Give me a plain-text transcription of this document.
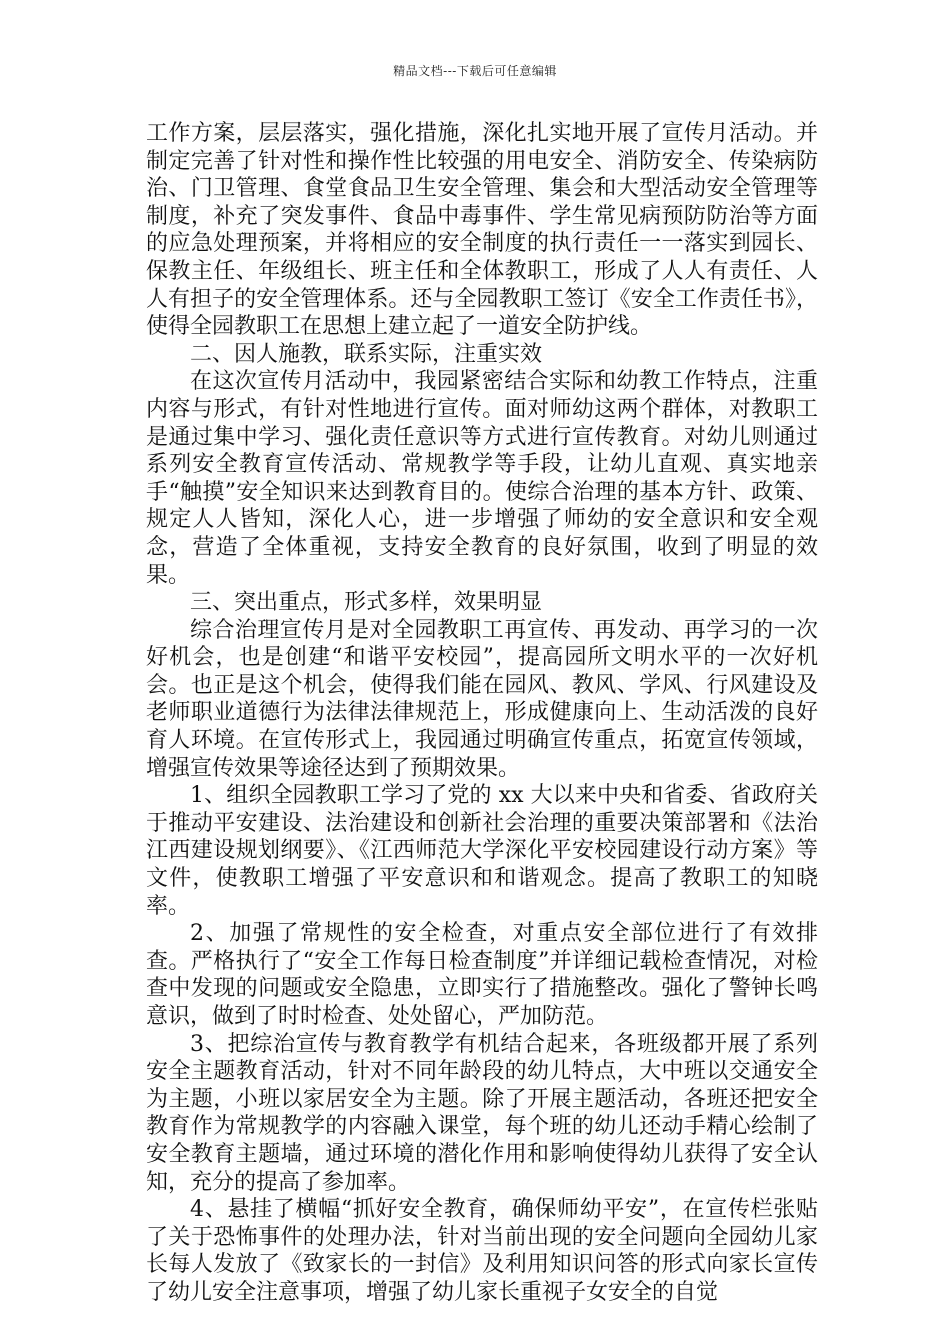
精品文档---下载后可任意编辑

工作方案，层层落实，强化措施，深化扎实地开展了宣传月活动。并制定完善了针对性和操作性比较强的用电安全、消防安全、传染病防治、门卫管理、食堂食品卫生安全管理、集会和大型活动安全管理等制度，补充了突发事件、食品中毒事件、学生常见病预防防治等方面的应急处理预案，并将相应的安全制度的执行责任一一落实到园长、保教主任、年级组长、班主任和全体教职工，形成了人人有责任、人人有担子的安全管理体系。还与全园教职工签订《安全工作责任书》，使得全园教职工在思想上建立起了一道安全防护线。

二、因人施教，联系实际，注重实效

在这次宣传月活动中，我园紧密结合实际和幼教工作特点，注重内容与形式，有针对性地进行宣传。面对师幼这两个群体，对教职工是通过集中学习、强化责任意识等方式进行宣传教育。对幼儿则通过系列安全教育宣传活动、常规教学等手段，让幼儿直观、真实地亲手“触摸”安全知识来达到教育目的。使综合治理的基本方针、政策、规定人人皆知，深化人心，进一步增强了师幼的安全意识和安全观念，营造了全体重视，支持安全教育的良好氛围，收到了明显的效果。

三、突出重点，形式多样，效果明显

综合治理宣传月是对全园教职工再宣传、再发动、再学习的一次好机会，也是创建“和谐平安校园”，提高园所文明水平的一次好机会。也正是这个机会，使得我们能在园风、教风、学风、行风建设及老师职业道德行为法律法律规范上，形成健康向上、生动活泼的良好育人环境。在宣传形式上，我园通过明确宣传重点，拓宽宣传领域，增强宣传效果等途径达到了预期效果。

1、组织全园教职工学习了党的 xx 大以来中央和省委、省政府关于推动平安建设、法治建设和创新社会治理的重要决策部署和《法治江西建设规划纲要》、《江西师范大学深化平安校园建设行动方案》等文件，使教职工增强了平安意识和和谐观念。提高了教职工的知晓率。

2、加强了常规性的安全检查，对重点安全部位进行了有效排查。严格执行了“安全工作每日检查制度”并详细记载检查情况，对检查中发现的问题或安全隐患，立即实行了措施整改。强化了警钟长鸣意识，做到了时时检查、处处留心，严加防范。

3、把综治宣传与教育教学有机结合起来，各班级都开展了系列安全主题教育活动，针对不同年龄段的幼儿特点，大中班以交通安全为主题，小班以家居安全为主题。除了开展主题活动，各班还把安全教育作为常规教学的内容融入课堂，每个班的幼儿还动手精心绘制了安全教育主题墙，通过环境的潜化作用和影响使得幼儿获得了安全认知，充分的提高了参加率。

4、悬挂了横幅“抓好安全教育，确保师幼平安”，在宣传栏张贴了关于恐怖事件的处理办法，针对当前出现的安全问题向全园幼儿家长每人发放了《致家长的一封信》及利用知识问答的形式向家长宣传了幼儿安全注意事项，增强了幼儿家长重视子女安全的自觉
